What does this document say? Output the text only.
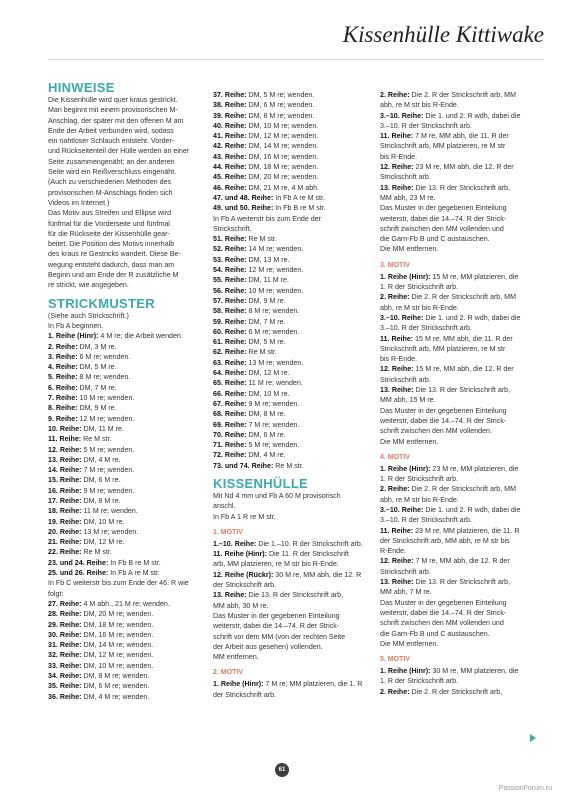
Kissenhülle Kittiwake
HINWEISE
Die Kissenhülle wird quer kraus gestrickt.
Man beginnt mit einem provisorischen M-
Anschlag, der später mit den offenen M am
Ende der Arbeit verbunden wird, sodass
ein nahtloser Schlauch entsteht. Vorder-
und Rückseitenteil der Hülle werden an einer
Seite zusammengenäht; an der anderen
Seite wird ein Reißverschluss eingenäht.
(Auch zu verschiedenen Methoden des
provisorischen M-Anschlags finden sich
Videos im Internet.)
Das Motiv aus Streifen und Ellipse wird
fünfmal für die Vorderseite und fünfmal
für die Rückseite der Kissenhülle gear-
beitet. Die Position des Motivs innerhalb
des kraus re Gestricks wandert. Diese Be-
wegung entsteht dadurch, dass man am
Beginn und am Ende der R zusätzliche M
re strickt, wie angegeben.
STRICKMUSTER
(Siehe auch Strickschrift.)
In Fb A beginnen.
1. Reihe (Hinr): 4 M re; die Arbeit wenden.
2. Reihe: DM, 3 M re.
3. Reihe: 6 M re; wenden.
4. Reihe: DM, 5 M re.
5. Reihe: 8 M re; wenden.
6. Reihe: DM, 7 M re.
7. Reihe: 10 M re; wenden.
8. Reihe: DM, 9 M re.
9. Reihe: 12 M re; wenden.
10. Reihe: DM, 11 M re.
11. Reihe: Re M str.
12. Reihe: 5 M re; wenden.
13. Reihe: DM, 4 M re.
14. Reihe: 7 M re; wenden.
15. Reihe: DM, 6 M re.
16. Reihe: 9 M re; wenden.
17. Reihe: DM, 8 M re.
18. Reihe: 11 M re; wenden.
19. Reihe: DM, 10 M re.
20. Reihe: 13 M re; wenden.
21. Reihe: DM, 12 M re.
22. Reihe: Re M str.
23. und 24. Reihe: In Fb B re M str.
25. und 26. Reihe: In Fb A re M str.
In Fb C weiterstr bis zum Ende der 46. R wie
folgt:
27. Reihe: 4 M abh., 21 M re; wenden.
28. Reihe: DM, 20 M re; wenden.
29. Reihe: DM, 18 M re; wenden.
30. Reihe: DM, 16 M re; wenden.
31. Reihe: DM, 14 M re; wenden.
32. Reihe: DM, 12 M re; wenden.
33. Reihe: DM, 10 M re; wenden.
34. Reihe: DM, 8 M re; wenden.
35. Reihe: DM, 6 M re; wenden.
36. Reihe: DM, 4 M re; wenden.
37. Reihe: DM, 5 M re; wenden.
38. Reihe: DM, 6 M re; wenden.
39. Reihe: DM, 8 M re; wenden.
40. Reihe: DM, 10 M re; wenden.
41. Reihe: DM, 12 M re; wenden.
42. Reihe: DM, 14 M re; wenden.
43. Reihe: DM, 16 M re; wenden.
44. Reihe: DM, 18 M re; wenden.
45. Reihe: DM, 20 M re; wenden.
46. Reihe: DM, 21 M re, 4 M abh.
47. und 48. Reihe: In Fb A re M str.
49. und 50. Reihe: In Fb B re M str.
In Fb A weiterstr bis zum Ende der
Strickschrift.
51. Reihe: Re M str.
52. Reihe: 14 M re; wenden.
53. Reihe: DM, 13 M re.
54. Reihe: 12 M re; wenden.
55. Reihe: DM, 11 M re.
56. Reihe: 10 M re; wenden.
57. Reihe: DM, 9 M re.
58. Reihe: 8 M re; wenden.
59. Reihe: DM, 7 M re.
60. Reihe: 6 M re; wenden.
61. Reihe: DM, 5 M re.
62. Reihe: Re M str.
63. Reihe: 13 M re; wenden.
64. Reihe: DM, 12 M re.
65. Reihe: 11 M re; wenden.
66. Reihe: DM, 10 M re.
67. Reihe: 9 M re; wenden.
68. Reihe: DM, 8 M re.
69. Reihe: 7 M re; wenden.
70. Reihe: DM, 6 M re.
71. Reihe: 5 M re; wenden.
72. Reihe: DM, 4 M re.
73. und 74. Reihe: Re M str.
KISSENHÜLLE
Mit Nd 4 mm und Fb A 60 M provisorisch
anschl.
In Fb A 1 R re M str.
1. MOTIV
1.–10. Reihe: Die 1.–10. R der Strickschrift arb.
11. Reihe (Hinr): Die 11. R der Strickschrift
arb, MM platzieren, re M str bis R-Ende.
12. Reihe (Rückr): 30 M re, MM abh, die 12. R
der Strickschrift arb.
13. Reihe: Die 13. R der Strickschrift arb,
MM abh, 30 M re.
Das Muster in der gegebenen Einteilung
weiterstr, dabei die 14.–74. R der Strick-
schrift vor dem MM (von der rechten Seite
der Arbeit aus gesehen) vollenden.
MM entfernen.
2. MOTIV
1. Reihe (Hinr): 7 M re, MM platzieren, die 1. R
der Strickschrift arb.
2. Reihe: Die 2. R der Strickschrift arb, MM
abh, re M str bis R-Ende.
3.–10. Reihe: Die 1. und 2. R wdh, dabei die
3.–10. R der Strickschrift arb.
11. Reihe: 7 M re, MM abh, die 11. R der
Strickschrift arb, MM platzieren, re M str
bis R-Ende.
12. Reihe: 23 M re, MM abh, die 12. R der
Strickschrift arb.
13. Reihe: Die 13. R der Strickschrift arb,
MM abh, 23 M re.
Das Muster in der gegebenen Einteilung
weiterstr, dabei die 14.–74. R der Strick-
schrift zwischen den MM vollenden und
die Garn-Fb B und C austauschen.
Die MM entfernen.
3. MOTIV
1. Reihe (Hinr): 15 M re, MM platzieren, die
1. R der Strickschrift arb.
2. Reihe: Die 2. R der Strickschrift arb, MM
abh, re M str bis R-Ende.
3.–10. Reihe: Die 1. und 2. R wdh, dabei die
3.–10. R der Strickschrift arb.
11. Reihe: 15 M re, MM abh, die 11. R der
Strickschrift arb, MM platzieren, re M str
bis R-Ende.
12. Reihe: 15 M re, MM abh, die 12. R der
Strickschrift arb.
13. Reihe: Die 13. R der Strickschrift arb,
MM abh, 15 M re.
Das Muster in der gegebenen Einteilung
weiterstr, dabei die 14.–74. R der Strick-
schrift zwischen den MM vollenden.
Die MM entfernen.
4. MOTIV
1. Reihe (Hinr): 23 M re, MM platzieren, die
1. R der Strickschrift arb.
2. Reihe: Die 2. R der Strickschrift arb, MM
abh, re M str bis R-Ende.
3.–10. Reihe: Die 1. und 2. R wdh, dabei die
3.–10. R der Strickschrift arb.
11. Reihe: 23 M re, MM platzieren, die 11. R
der Strickschrift arb, MM abh, re M str bis
R-Ende.
12. Reihe: 7 M re, MM abh, die 12. R der
Strickschrift arb.
13. Reihe: Die 13. R der Strickschrift arb,
MM abh, 7 M re.
Das Muster in der gegebenen Einteilung
weiterstr, dabei die 14.–74. R der Strick-
schrift zwischen den MM vollenden und
die Garn-Fb B und C austauschen.
Die MM entfernen.
5. MOTIV
1. Reihe (Hinr): 30 M re, MM platzieren, die
1. R der Strickschrift arb.
2. Reihe: Die 2. R der Strickschrift arb,
61
PassionForum.ru
